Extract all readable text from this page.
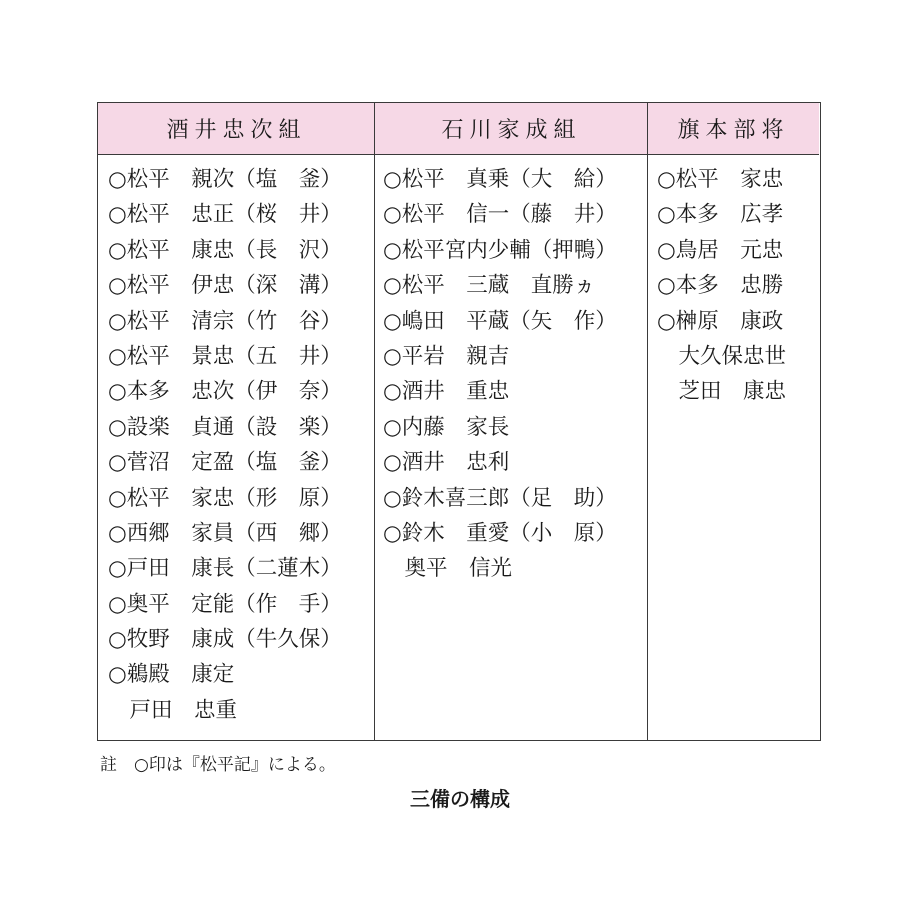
酒井忠次組	石川家成組	旗本部将
○松平　親次（塩　釜）
○松平　忠正（桜　井）
○松平　康忠（長　沢）
○松平　伊忠（深　溝）
○松平　清宗（竹　谷）
○松平　景忠（五　井）
○本多　忠次（伊　奈）
○設楽　貞通（設　楽）
○菅沼　定盈（塩　釜）
○松平　家忠（形　原）
○西郷　家員（西　郷）
○戸田　康長（二蓮木）
○奥平　定能（作　手）
○牧野　康成（牛久保）
○鵜殿　康定
　戸田　忠重
○松平　真乗（大　給）
○松平　信一（藤　井）
○松平宮内少輔（押鴨）
○松平　三蔵　直勝ヵ
○嶋田　平蔵（矢　作）
○平岩　親吉
○酒井　重忠
○内藤　家長
○酒井　忠利
○鈴木喜三郎（足　助）
○鈴木　重愛（小　原）
　奥平　信光
○松平　家忠
○本多　広孝
○鳥居　元忠
○本多　忠勝
○榊原　康政
　大久保忠世
　芝田　康忠
註　○印は『松平記』による。
三備の構成
